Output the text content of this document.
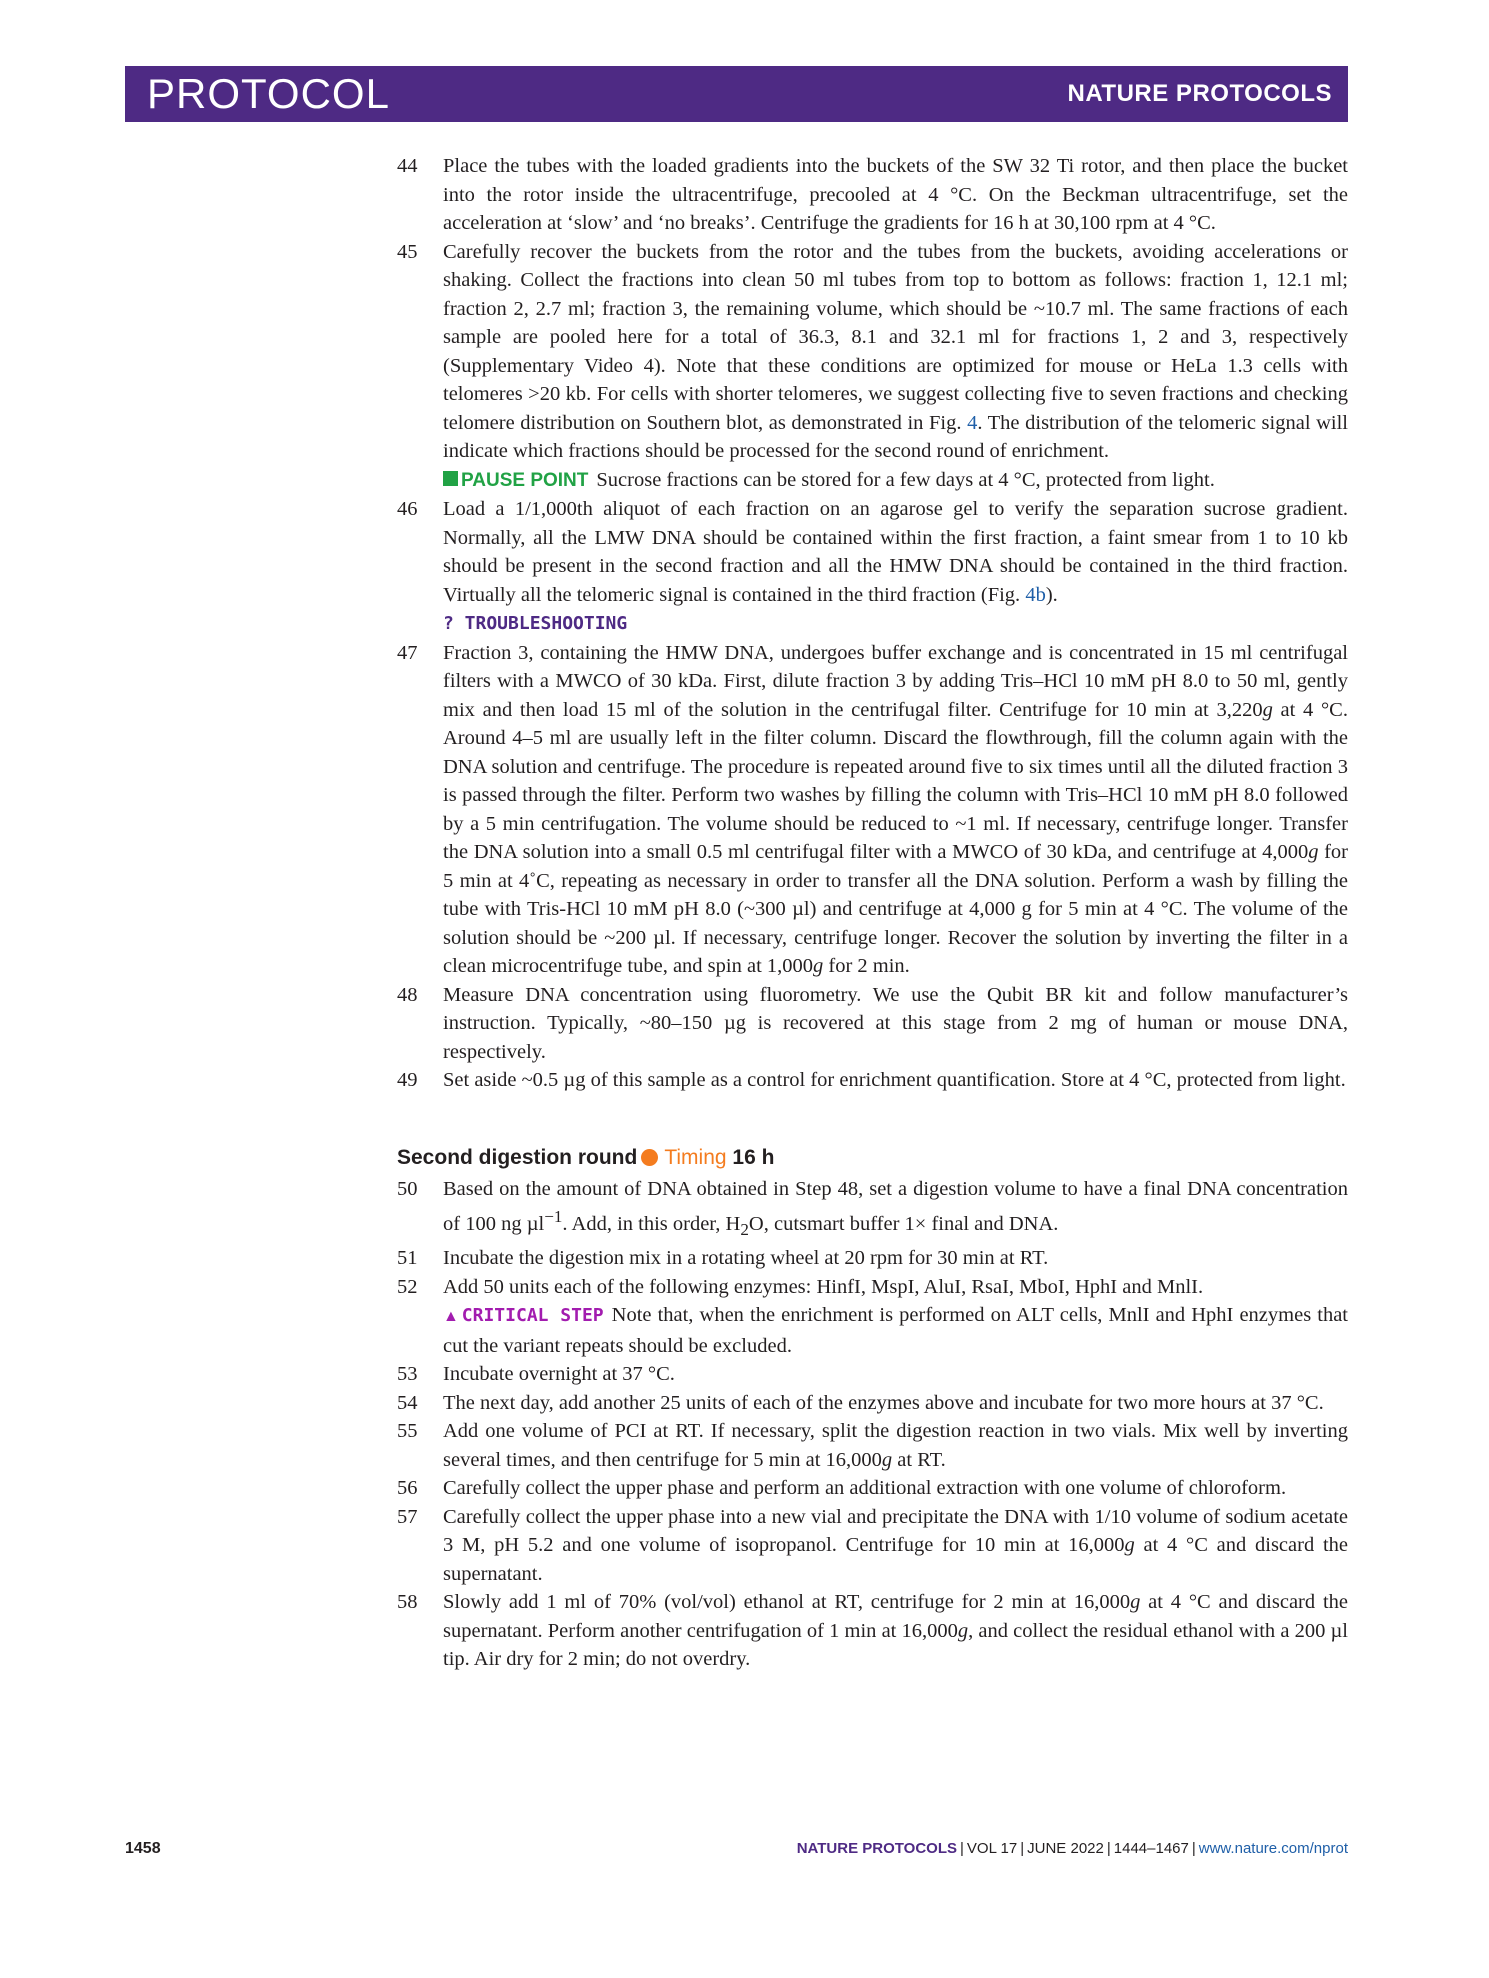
PROTOCOL	NATURE PROTOCOLS
44	Place the tubes with the loaded gradients into the buckets of the SW 32 Ti rotor, and then place the bucket into the rotor inside the ultracentrifuge, precooled at 4 °C. On the Beckman ultracentrifuge, set the acceleration at ‘slow’ and ‘no breaks’. Centrifuge the gradients for 16 h at 30,100 rpm at 4 °C.
45	Carefully recover the buckets from the rotor and the tubes from the buckets, avoiding accelerations or shaking. Collect the fractions into clean 50 ml tubes from top to bottom as follows: fraction 1, 12.1 ml; fraction 2, 2.7 ml; fraction 3, the remaining volume, which should be ~10.7 ml. The same fractions of each sample are pooled here for a total of 36.3, 8.1 and 32.1 ml for fractions 1, 2 and 3, respectively (Supplementary Video 4). Note that these conditions are optimized for mouse or HeLa 1.3 cells with telomeres >20 kb. For cells with shorter telomeres, we suggest collecting five to seven fractions and checking telomere distribution on Southern blot, as demonstrated in Fig. 4. The distribution of the telomeric signal will indicate which fractions should be processed for the second round of enrichment.
PAUSE POINT Sucrose fractions can be stored for a few days at 4 °C, protected from light.
46	Load a 1/1,000th aliquot of each fraction on an agarose gel to verify the separation sucrose gradient. Normally, all the LMW DNA should be contained within the first fraction, a faint smear from 1 to 10 kb should be present in the second fraction and all the HMW DNA should be contained in the third fraction. Virtually all the telomeric signal is contained in the third fraction (Fig. 4b).
? TROUBLESHOOTING
47	Fraction 3, containing the HMW DNA, undergoes buffer exchange and is concentrated in 15 ml centrifugal filters with a MWCO of 30 kDa. First, dilute fraction 3 by adding Tris–HCl 10 mM pH 8.0 to 50 ml, gently mix and then load 15 ml of the solution in the centrifugal filter. Centrifuge for 10 min at 3,220g at 4 °C. Around 4–5 ml are usually left in the filter column. Discard the flowthrough, fill the column again with the DNA solution and centrifuge. The procedure is repeated around five to six times until all the diluted fraction 3 is passed through the filter. Perform two washes by filling the column with Tris–HCl 10 mM pH 8.0 followed by a 5 min centrifugation. The volume should be reduced to ~1 ml. If necessary, centrifuge longer. Transfer the DNA solution into a small 0.5 ml centrifugal filter with a MWCO of 30 kDa, and centrifuge at 4,000g for 5 min at 4˚C, repeating as necessary in order to transfer all the DNA solution. Perform a wash by filling the tube with Tris-HCl 10 mM pH 8.0 (~300 µl) and centrifuge at 4,000 g for 5 min at 4 °C. The volume of the solution should be ~200 µl. If necessary, centrifuge longer. Recover the solution by inverting the filter in a clean microcentrifuge tube, and spin at 1,000g for 2 min.
48	Measure DNA concentration using fluorometry. We use the Qubit BR kit and follow manufacturer’s instruction. Typically, ~80–150 µg is recovered at this stage from 2 mg of human or mouse DNA, respectively.
49	Set aside ~0.5 µg of this sample as a control for enrichment quantification. Store at 4 °C, protected from light.
Second digestion round Timing 16 h
50	Based on the amount of DNA obtained in Step 48, set a digestion volume to have a final DNA concentration of 100 ng µl$^{-1}$. Add, in this order, $H_2O$, cutsmart buffer 1× final and DNA.
51	Incubate the digestion mix in a rotating wheel at 20 rpm for 30 min at RT.
52	Add 50 units each of the following enzymes: HinfI, MspI, AluI, RsaI, MboI, HphI and MnlI.
▲ CRITICAL STEP Note that, when the enrichment is performed on ALT cells, MnlI and HphI enzymes that cut the variant repeats should be excluded.
53	Incubate overnight at 37 °C.
54	The next day, add another 25 units of each of the enzymes above and incubate for two more hours at 37 °C.
55	Add one volume of PCI at RT. If necessary, split the digestion reaction in two vials. Mix well by inverting several times, and then centrifuge for 5 min at 16,000g at RT.
56	Carefully collect the upper phase and perform an additional extraction with one volume of chloroform.
57	Carefully collect the upper phase into a new vial and precipitate the DNA with 1/10 volume of sodium acetate 3 M, pH 5.2 and one volume of isopropanol. Centrifuge for 10 min at 16,000g at 4 °C and discard the supernatant.
58	Slowly add 1 ml of 70% (vol/vol) ethanol at RT, centrifuge for 2 min at 16,000g at 4 °C and discard the supernatant. Perform another centrifugation of 1 min at 16,000g, and collect the residual ethanol with a 200 µl tip. Air dry for 2 min; do not overdry.
1458	NATURE PROTOCOLS | VOL 17 | JUNE 2022 | 1444–1467 | www.nature.com/nprot
